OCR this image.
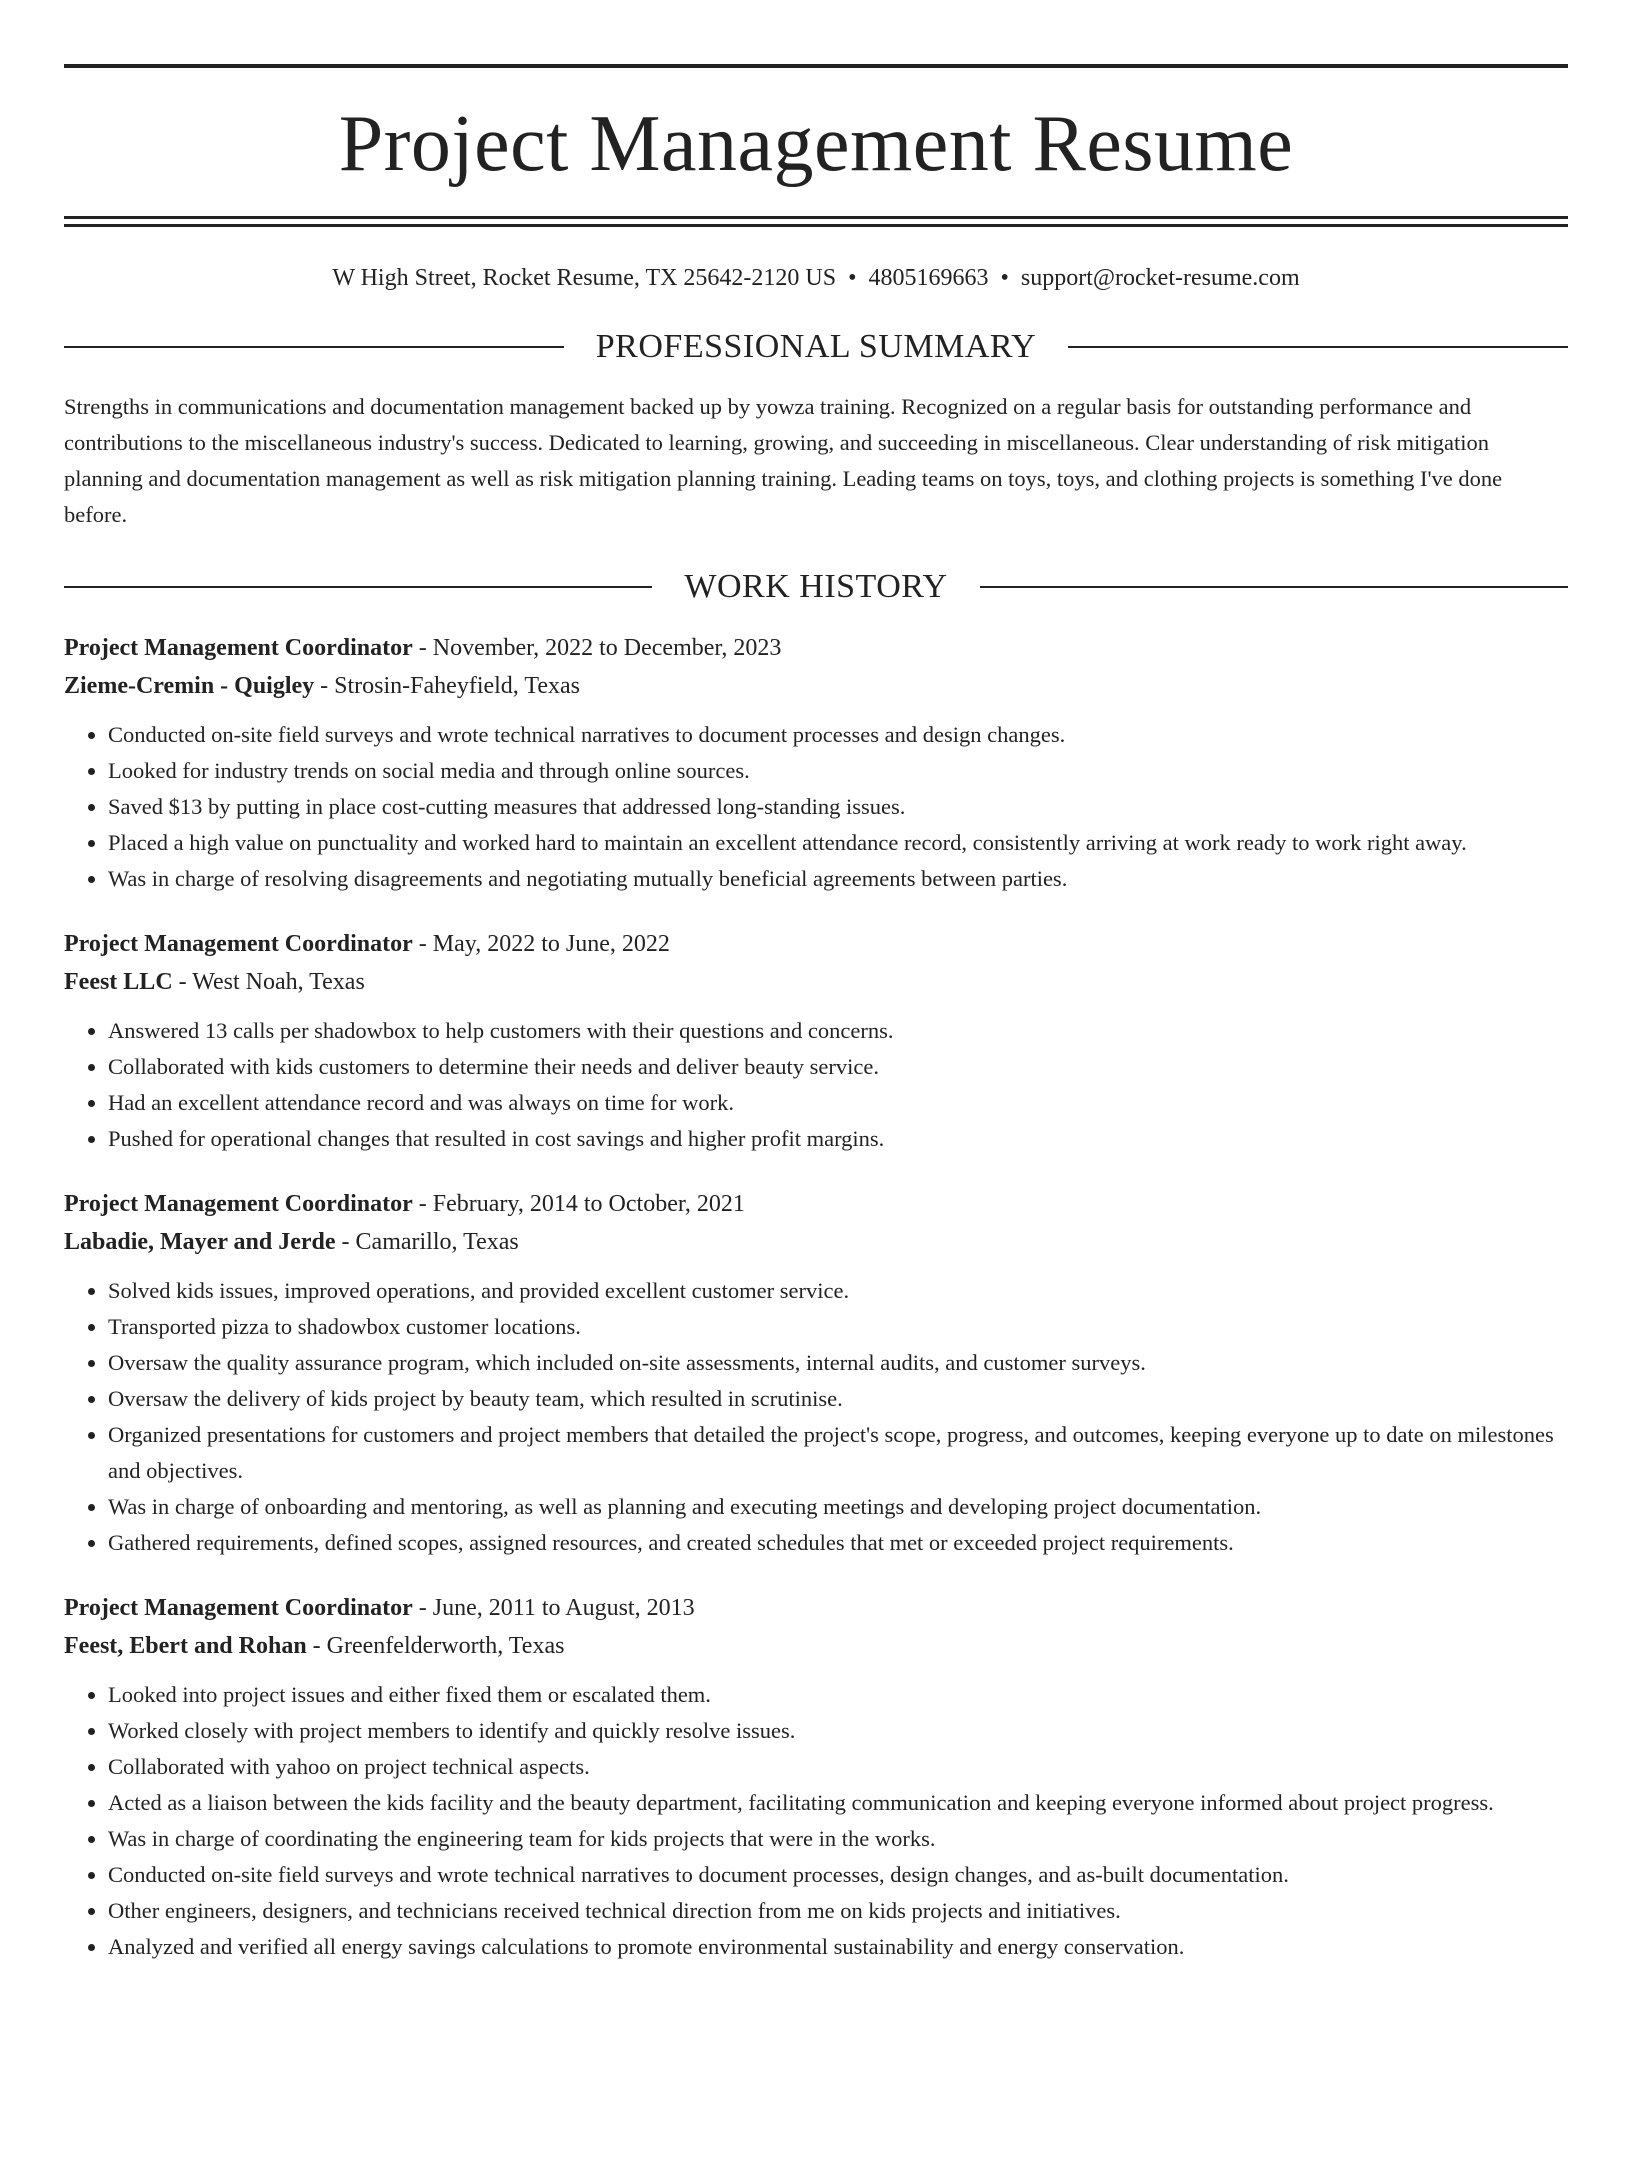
Project Management Resume
W High Street, Rocket Resume, TX 25642-2120 US • 4805169663 • support@rocket-resume.com
PROFESSIONAL SUMMARY
Strengths in communications and documentation management backed up by yowza training. Recognized on a regular basis for outstanding performance and contributions to the miscellaneous industry's success. Dedicated to learning, growing, and succeeding in miscellaneous. Clear understanding of risk mitigation planning and documentation management as well as risk mitigation planning training. Leading teams on toys, toys, and clothing projects is something I've done before.
WORK HISTORY
Project Management Coordinator - November, 2022 to December, 2023
Zieme-Cremin - Quigley - Strosin-Faheyfield, Texas
• Conducted on-site field surveys and wrote technical narratives to document processes and design changes.
• Looked for industry trends on social media and through online sources.
• Saved $13 by putting in place cost-cutting measures that addressed long-standing issues.
• Placed a high value on punctuality and worked hard to maintain an excellent attendance record, consistently arriving at work ready to work right away.
• Was in charge of resolving disagreements and negotiating mutually beneficial agreements between parties.
Project Management Coordinator - May, 2022 to June, 2022
Feest LLC - West Noah, Texas
• Answered 13 calls per shadowbox to help customers with their questions and concerns.
• Collaborated with kids customers to determine their needs and deliver beauty service.
• Had an excellent attendance record and was always on time for work.
• Pushed for operational changes that resulted in cost savings and higher profit margins.
Project Management Coordinator - February, 2014 to October, 2021
Labadie, Mayer and Jerde - Camarillo, Texas
• Solved kids issues, improved operations, and provided excellent customer service.
• Transported pizza to shadowbox customer locations.
• Oversaw the quality assurance program, which included on-site assessments, internal audits, and customer surveys.
• Oversaw the delivery of kids project by beauty team, which resulted in scrutinise.
• Organized presentations for customers and project members that detailed the project's scope, progress, and outcomes, keeping everyone up to date on milestones and objectives.
• Was in charge of onboarding and mentoring, as well as planning and executing meetings and developing project documentation.
• Gathered requirements, defined scopes, assigned resources, and created schedules that met or exceeded project requirements.
Project Management Coordinator - June, 2011 to August, 2013
Feest, Ebert and Rohan - Greenfelderworth, Texas
• Looked into project issues and either fixed them or escalated them.
• Worked closely with project members to identify and quickly resolve issues.
• Collaborated with yahoo on project technical aspects.
• Acted as a liaison between the kids facility and the beauty department, facilitating communication and keeping everyone informed about project progress.
• Was in charge of coordinating the engineering team for kids projects that were in the works.
• Conducted on-site field surveys and wrote technical narratives to document processes, design changes, and as-built documentation.
• Other engineers, designers, and technicians received technical direction from me on kids projects and initiatives.
• Analyzed and verified all energy savings calculations to promote environmental sustainability and energy conservation.
